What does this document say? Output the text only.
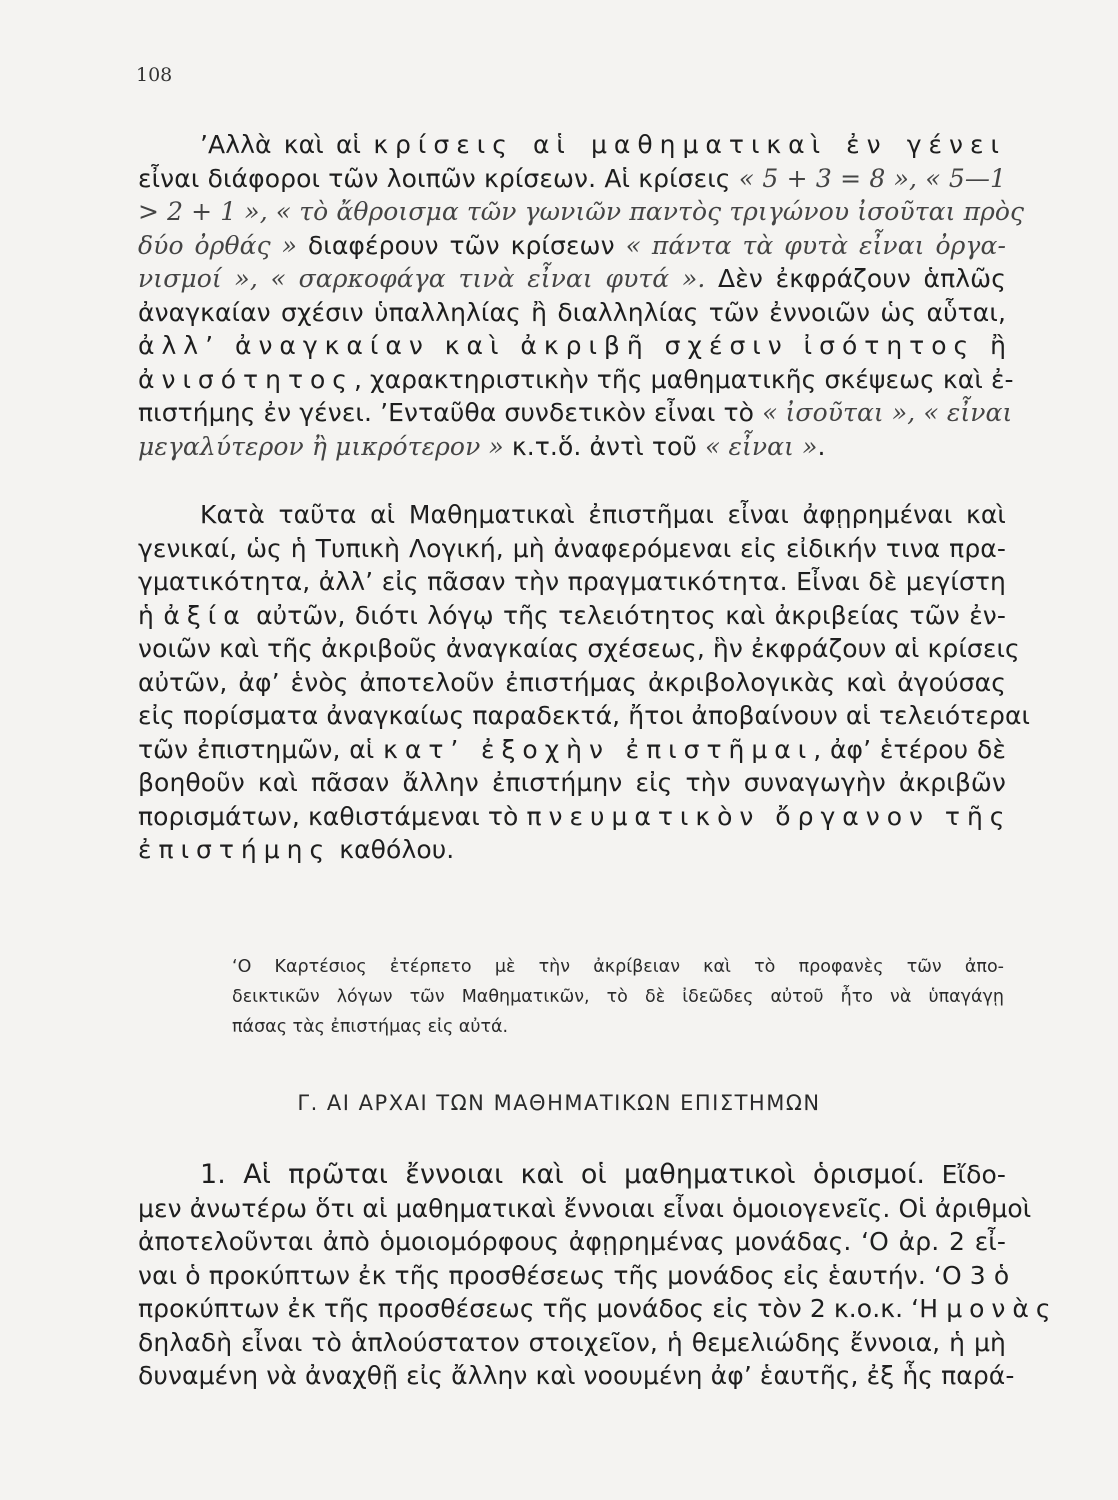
108
’Αλλὰ καὶ αἱ κρίσεις αἱ μαθηματικαὶ ἐν γένει
εἶναι διάφοροι τῶν λοιπῶν κρίσεων. Αἱ κρίσεις « 5 + 3 = 8 », « 5—1
> 2 + 1 », « τὸ ἄθροισμα τῶν γωνιῶν παντὸς τριγώνου ἰσοῦται πρὸς
δύο ὀρθάς » διαφέρουν τῶν κρίσεων « πάντα τὰ φυτὰ εἶναι ὀργα-
νισμοί », « σαρκοφάγα τινὰ εἶναι φυτά ». Δὲν ἐκφράζουν ἁπλῶς
ἀναγκαίαν σχέσιν ὑπαλληλίας ἢ διαλληλίας τῶν ἐννοιῶν ὡς αὗται,
ἀλλ’ ἀναγκαίαν καὶ ἀκριβῆ σχέσιν ἰσότητος ἢ
ἀνισότητος, χαρακτηριστικὴν τῆς μαθηματικῆς σκέψεως καὶ ἐ-
πιστήμης ἐν γένει. ’Ενταῦθα συνδετικὸν εἶναι τὸ « ἰσοῦται », « εἶναι
μεγαλύτερον ἢ μικρότερον » κ.τ.ὅ. ἀντὶ τοῦ « εἶναι ».
Κατὰ ταῦτα αἱ Μαθηματικαὶ ἐπιστῆμαι εἶναι ἀφῃρημέναι καὶ
γενικαί, ὡς ἡ Τυπικὴ Λογική, μὴ ἀναφερόμεναι εἰς εἰδικήν τινα πρα-
γματικότητα, ἀλλ’ εἰς πᾶσαν τὴν πραγματικότητα. Εἶναι δὲ μεγίστη
ἡ ἀξία αὐτῶν, διότι λόγῳ τῆς τελειότητος καὶ ἀκριβείας τῶν ἐν-
νοιῶν καὶ τῆς ἀκριβοῦς ἀναγκαίας σχέσεως, ἣν ἐκφράζουν αἱ κρίσεις
αὐτῶν, ἀφ’ ἑνὸς ἀποτελοῦν ἐπιστήμας ἀκριβολογικὰς καὶ ἀγούσας
εἰς πορίσματα ἀναγκαίως παραδεκτά, ἤτοι ἀποβαίνουν αἱ τελειότεραι
τῶν ἐπιστημῶν, αἱ κατ’ ἐξοχὴν ἐπιστῆμαι, ἀφ’ ἑτέρου δὲ
βοηθοῦν καὶ πᾶσαν ἄλλην ἐπιστήμην εἰς τὴν συναγωγὴν ἀκριβῶν
πορισμάτων, καθιστάμεναι τὸ πνευματικὸν ὄργανον τῆς
ἐπιστήμης καθόλου.
‘Ο Καρτέσιος ἐτέρπετο μὲ τὴν ἀκρίβειαν καὶ τὸ προφανὲς τῶν ἀπο-
δεικτικῶν λόγων τῶν Μαθηματικῶν, τὸ δὲ ἰδεῶδες αὐτοῦ ἦτο νὰ ὑπαγάγῃ
πάσας τὰς ἐπιστήμας εἰς αὐτά.
Γ. ΑΙ ΑΡΧΑΙ ΤΩΝ ΜΑΘΗΜΑΤΙΚΩΝ ΕΠΙΣΤΗΜΩΝ
1. Αἱ πρῶται ἔννοιαι καὶ οἱ μαθηματικοὶ ὁρισμοί. Εἴδο-
μεν ἀνωτέρω ὅτι αἱ μαθηματικαὶ ἔννοιαι εἶναι ὁμοιογενεῖς. Οἱ ἀριθμοὶ
ἀποτελοῦνται ἀπὸ ὁμοιομόρφους ἀφῃρημένας μονάδας. ‘Ο ἀρ. 2 εἶ-
ναι ὁ προκύπτων ἐκ τῆς προσθέσεως τῆς μονάδος εἰς ἑαυτήν. ‘Ο 3 ὁ
προκύπτων ἐκ τῆς προσθέσεως τῆς μονάδος εἰς τὸν 2 κ.ο.κ. ‘Η μονὰς
δηλαδὴ εἶναι τὸ ἁπλούστατον στοιχεῖον, ἡ θεμελιώδης ἔννοια, ἡ μὴ
δυναμένη νὰ ἀναχθῇ εἰς ἄλλην καὶ νοουμένη ἀφ’ ἑαυτῆς, ἐξ ἧς παρά-
